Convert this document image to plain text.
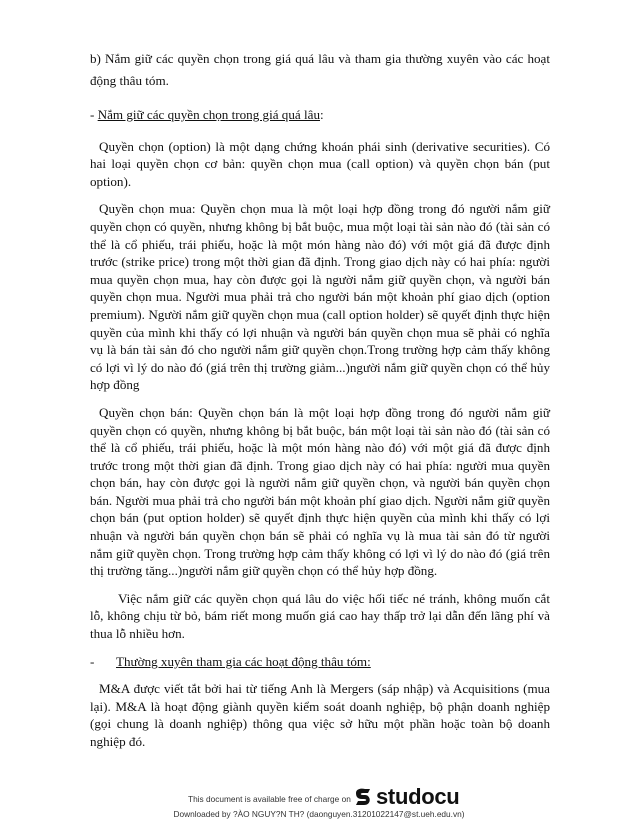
b) Nắm giữ các quyền chọn trong giá quá lâu và tham gia thường xuyên vào các hoạt động thâu tóm.

- Nắm giữ các quyền chọn trong giá quá lâu:

Quyền chọn (option) là một dạng chứng khoán phái sinh (derivative securities). Có hai loại quyền chọn cơ bản: quyền chọn mua (call option) và quyền chọn bán (put option).

Quyền chọn mua: Quyền chọn mua là một loại hợp đồng trong đó người nắm giữ quyền chọn có quyền, nhưng không bị bắt buộc, mua một loại tài sản nào đó (tài sản có thể là cổ phiếu, trái phiếu, hoặc là một món hàng nào đó) với một giá đã được định trước (strike price) trong một thời gian đã định. Trong giao dịch này có hai phía: người mua quyền chọn mua, hay còn được gọi là người nắm giữ quyền chọn, và người bán quyền chọn mua. Người mua phải trả cho người bán một khoản phí giao dịch (option premium). Người nắm giữ quyền chọn mua (call option holder) sẽ quyết định thực hiện quyền của mình khi thấy có lợi nhuận và người bán quyền chọn mua sẽ phải có nghĩa vụ là bán tài sản đó cho người nắm giữ quyền chọn.Trong trường hợp cảm thấy không có lợi vì lý do nào đó (giá trên thị trường giảm...)người nắm giữ quyền chọn có thể hủy hợp đồng

Quyền chọn bán: Quyền chọn bán là một loại hợp đồng trong đó người nắm giữ quyền chọn có quyền, nhưng không bị bắt buộc, bán một loại tài sản nào đó (tài sản có thể là cổ phiếu, trái phiếu, hoặc là một món hàng nào đó) với một giá đã được định trước trong một thời gian đã định. Trong giao dịch này có hai phía: người mua quyền chọn bán, hay còn được gọi là người nắm giữ quyền chọn, và người bán quyền chọn bán. Người mua phải trả cho người bán một khoản phí giao dịch. Người nắm giữ quyền chọn bán (put option holder) sẽ quyết định thực hiện quyền của mình khi thấy có lợi nhuận và người bán quyền chọn bán sẽ phải có nghĩa vụ là mua tài sản đó từ người nắm giữ quyền chọn. Trong trường hợp cảm thấy không có lợi vì lý do nào đó (giá trên thị trường tăng...)người nắm giữ quyền chọn có thể hủy hợp đồng.

Việc nắm giữ các quyền chọn quá lâu do việc hối tiếc né tránh, không muốn cắt lỗ, không chịu từ bỏ, bám riết mong muốn giá cao hay thấp trở lại dẫn đến lãng phí và thua lỗ nhiều hơn.

- Thường xuyên tham gia các hoạt động thâu tóm:

M&A được viết tắt bởi hai từ tiếng Anh là Mergers (sáp nhập) và Acquisitions (mua lại). M&A là hoạt động giành quyền kiểm soát doanh nghiệp, bộ phận doanh nghiệp (gọi chung là doanh nghiệp) thông qua việc sở hữu một phần hoặc toàn bộ doanh nghiệp đó.

This document is available free of charge on studocu
Downloaded by ?ÀO NGUY?N TH? (daonguyen.31201022147@st.ueh.edu.vn)
